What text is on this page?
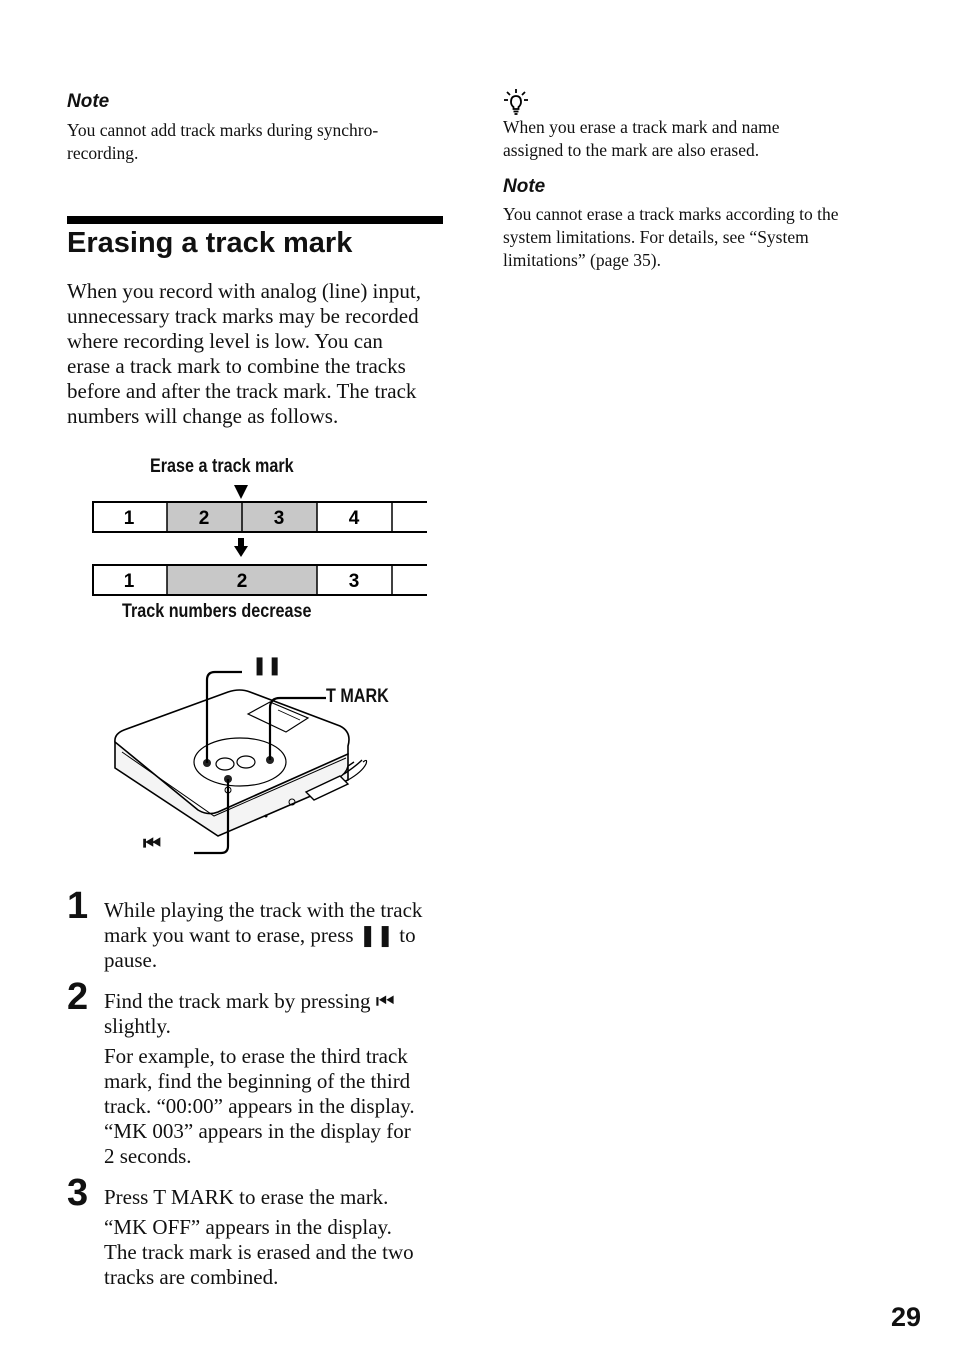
Note
You cannot add track marks during synchro-
recording.
Erasing a track mark
When you record with analog (line) input,
unnecessary track marks may be recorded
where recording level is low. You can
erase a track mark to combine the tracks
before and after the track mark. The track
numbers will change as follows.
Erase a track mark
1	2	3	4
1	2	3
Track numbers decrease
❚❚
T MARK
⏮
1 While playing the track with the track
mark you want to erase, press ❚❚ to
pause.
2 Find the track mark by pressing ⏮
slightly.
For example, to erase the third track
mark, find the beginning of the third
track. “00:00” appears in the display.
“MK 003” appears in the display for
2 seconds.
3 Press T MARK to erase the mark.
“MK OFF” appears in the display.
The track mark is erased and the two
tracks are combined.
When you erase a track mark and name
assigned to the mark are also erased.
Note
You cannot erase a track marks according to the
system limitations. For details, see “System
limitations” (page 35).
29
